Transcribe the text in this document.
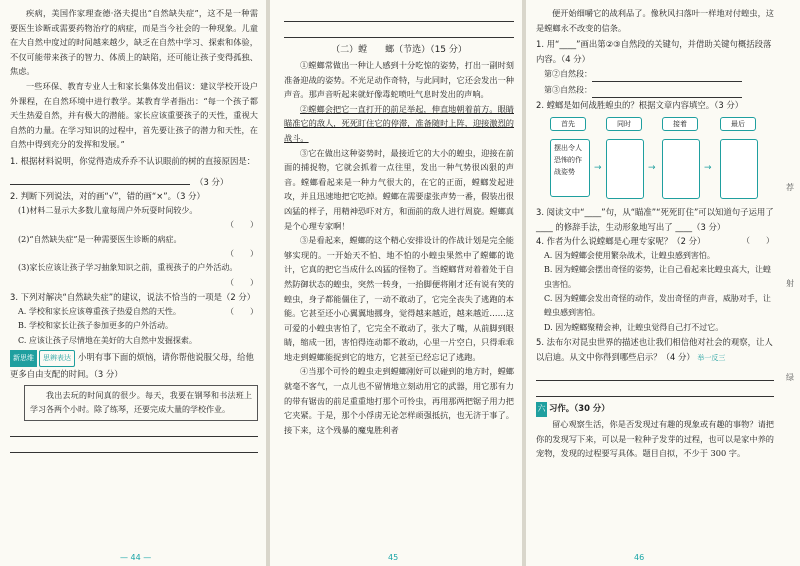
疾病，美国作家理查德·洛夫提出“自然缺失症”，这不是一种需要医生诊断或需要药物治疗的病症，而是当今社会的一种现象。儿童在大自然中度过的时间越来越少，缺乏在自然中学习、探索和体验，不仅可能带来孩子的智力、体质上的缺陷，还可能让孩子变得孤独、焦虑。

一些环保、教育专业人士和家长集体发出倡议：建议学校开设户外课程，在自然环境中进行教学。某教育学者指出：“每一个孩子都天生热爱自然，并有极大的潜能。家长应该重要孩子的天性，重视大自然的力量。在学习知识的过程中，首先要让孩子的潜力和天性，在自然中得到充分的发挥和发展。”

1. 根据材料说明，你觉得造成乔乔不认识眼前的树的直接原因是：

（3 分）

2. 判断下列说法，对的画“√”，错的画“×”。（3 分）

(1)材料二显示大多数儿童每周户外玩耍时间较少。

（　　）

(2)“自然缺失症”是一种需要医生诊断的病症。

（　　）

(3)家长应该让孩子学习抽象知识之前，重视孩子的户外活动。

（　　）

3. 下列对解决“自然缺失症”的建议，说法不恰当的一项是（2 分）
（　　）

A. 学校和家长应该尊重孩子热爱自然的天性。

B. 学校和家长让孩子参加更多的户外活动。

C. 应该让孩子尽情地在美好的大自然中发掘探索。

新思维 思辨表达 小明有事下面的烦恼，请你帮他说服父母，给他更多自由支配的时间。（3 分）

我出去玩的时间真的很少。每天，我要在钢琴和书法班上学习各两个小时。除了练琴，还要完成大量的学校作业。

— 44 —

（二）螳　　螂（节选）（15 分）

①螳螂常做出一种让人感到十分吃惊的姿势，打出一副时刻准备迎战的姿势。不光足动作奇特，与此同时，它还会发出一种声音。那声音听起来就好像毒蛇喷吐气息时发出的声响。

②螳螂会把它一直打开的前足举起，伸直地朝着前方。眼睛瞄准它的敌人，死死盯住它的停滞，准备随时上阵，迎接激烈的战斗。

③它在做出这种姿势时，最接近它的大小的蝗虫，迎接在前面的捕捉物，它就会抓着一点往里，发出一种气势很凶狠的声音。螳螂看起来是一种力气很大的，在它的正面，螳螂发起进攻，并且迅速地把它吃掉。螳螂在需要虚张声势一番，假装出很凶猛的样子，用精神恐吓对方，和面前的敌人进行周旋。螳螂真是个心理专家啊！

③是看起来，螳螂的这个精心安排设计的作战计划是完全能够实现的。一开始天不怕、地不怕的小蝗虫果然中了螳螂的诡计，它真的把它当成什么凶猛的怪物了。当螳螂背对着着处于自然防御状态的蝗虫，突然一转身，一抬脚便将刚才还有说有笑的蝗虫，身子都能僵住了，一动不敢动了，它完全丧失了逃跑的本能。它甚至还小心翼翼地挪身，觉得越来越近，越来越近……这可爱的小蝗虫害怕了，它完全不敢动了，张大了嘴，从前脚到眼睛，缩成一团，害怕得连动都不敢动，心里一片空白，只得乖乖地走到螳螂能捉到它的地方，它甚至已经忘记了逃跑。

④当那个可怜的蝗虫走到螳螂刚好可以碰到的地方时，螳螂就毫不客气，一点儿也不留情地立刻动用它的武器，用它那有力的带有锯齿的前足重重地打那个可怜虫，再用那两把锯子用力把它夹紧。于是，那个小俘虏无论怎样顽强抵抗，也无济于事了。接下来，这个残暴的魔鬼胜利者

45

便开始细嚼它的战利品了。像秋风扫落叶一样地对付蝗虫，这是螳螂永不改变的信条。

1. 用“____”画出第②③自然段的关键句，并借助关键句概括段落内容。（4 分）

第②自然段：

第③自然段：

2. 螳螂是如何战胜蝗虫的？根据文章内容填空。（3 分）

首先	同时	接着	最后
摆出令人恐怖的作战姿势	→	→	→

3. 阅读文中“____”句，从“瞄准”“死死盯住”可以知道句子运用了 ____ 的修辞手法，生动形象地写出了 ____（3 分）

4. 作者为什么说螳螂是心理专家呢？（2 分）	（　　）

A. 因为螳螂会使用繁杂战术，让蝗虫感到害怕。

B. 因为螳螂会摆出奇怪的姿势，让自己看起来比蝗虫高大，让蝗虫害怕。

C. 因为螳螂会发出奇怪的动作，发出奇怪的声音，威胁对手，让蝗虫感到害怕。

D. 因为螳螂聚精会神，让蝗虫觉得自己打不过它。

5. 法布尔对昆虫世界的描述也让我们相信他对社会的观察，让人以启迪。从文中你得到哪些启示？（4 分） 举一反三

六 习作。（30 分）

留心观察生活，你是否发现过有趣的现象或有趣的事物？请把你的发现写下来，可以是一粒种子发芽的过程，也可以是家中养的宠物，发现的过程要写具体。题目自拟，不少于 300 字。

荐
射
绿
46
